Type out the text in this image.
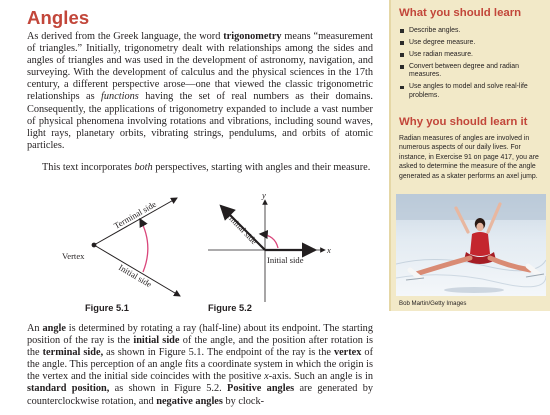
Angles

As derived from the Greek language, the word trigonometry means “measurement of triangles.” Initially, trigonometry dealt with relationships among the sides and angles of triangles and was used in the development of astronomy, navigation, and surveying. With the development of calculus and the physical sciences in the 17th century, a different perspective arose—one that viewed the classic trigonometric relationships as functions having the set of real numbers as their domains. Consequently, the applications of trigonometry expanded to include a vast number of physical phenomena involving rotations and vibrations, including sound waves, light rays, planetary orbits, vibrating strings, pendulums, and orbits of atomic particles.

This text incorporates both perspectives, starting with angles and their measure.

Terminal side
Initial side
Vertex

Figure 5.1

x
y
Terminal side
Initial side

Figure 5.2

An angle is determined by rotating a ray (half-line) about its endpoint. The starting position of the ray is the initial side of the angle, and the position after rotation is the terminal side, as shown in Figure 5.1. The endpoint of the ray is the vertex of the angle. This perception of an angle fits a coordinate system in which the origin is the vertex and the initial side coincides with the positive x-axis. Such an angle is in standard position, as shown in Figure 5.2. Positive angles are generated by counterclockwise rotation, and negative angles by clock-

What you should learn
Describe angles.
Use degree measure.
Use radian measure.
Convert between degree and radian measures.
Use angles to model and solve real-life problems.
Why you should learn it

Radian measures of angles are involved in numerous aspects of our daily lives. For instance, in Exercise 91 on page 417, you are asked to determine the measure of the angle generated as a skater performs an axel jump.

Bob Martin/Getty Images
